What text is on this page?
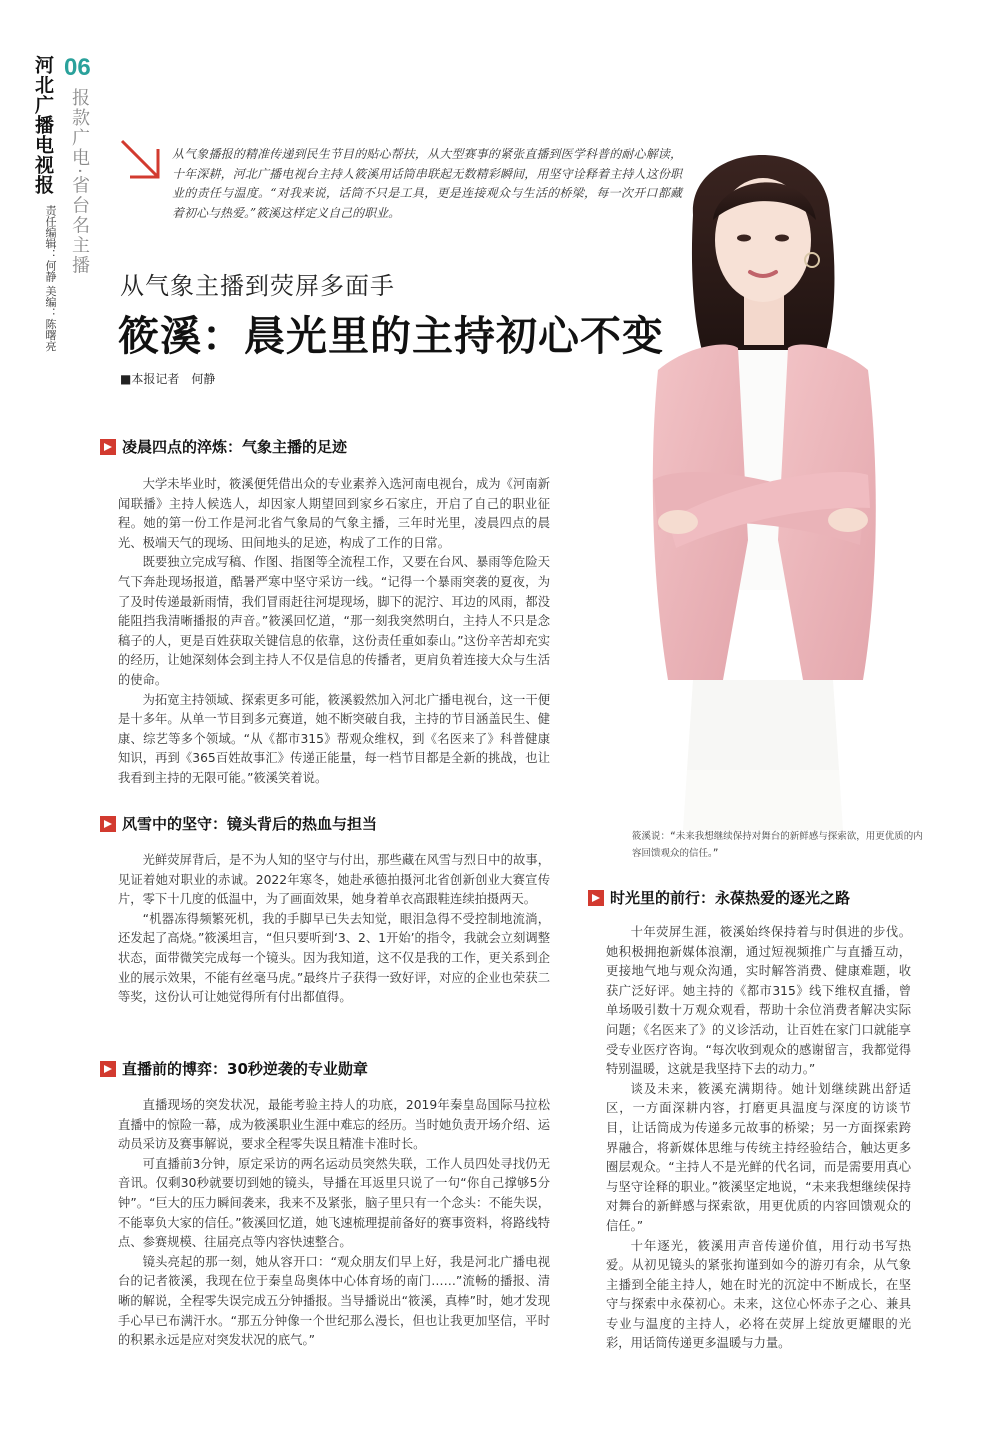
河北广播电视报 06
报款广电·省台名主播
责任编辑：何静 美编：陈曙亮
从气象播报的精准传递到民生节目的贴心帮扶，从大型赛事的紧张直播到医学科普的耐心解读，十年深耕，河北广播电视台主持人筱溪用话筒串联起无数精彩瞬间，用坚守诠释着主持人这份职业的责任与温度。“对我来说，话筒不只是工具，更是连接观众与生活的桥梁，每一次开口都藏着初心与热爱。”筱溪这样定义自己的职业。
从气象主播到荧屏多面手
筱溪：晨光里的主持初心不变
■本报记者　何静
筱溪说：“未来我想继续保持对舞台的新鲜感与探索欲，用更优质的内容回馈观众的信任。”
凌晨四点的淬炼：气象主播的足迹

大学未毕业时，筱溪便凭借出众的专业素养入选河南电视台，成为《河南新闻联播》主持人候选人，却因家人期望回到家乡石家庄，开启了自己的职业征程。她的第一份工作是河北省气象局的气象主播，三年时光里，凌晨四点的晨光、极端天气的现场、田间地头的足迹，构成了工作的日常。

既要独立完成写稿、作图、指图等全流程工作，又要在台风、暴雨等危险天气下奔赴现场报道，酷暑严寒中坚守采访一线。“记得一个暴雨突袭的夏夜，为了及时传递最新雨情，我们冒雨赶往河堤现场，脚下的泥泞、耳边的风雨，都没能阻挡我清晰播报的声音。”筱溪回忆道，“那一刻我突然明白，主持人不只是念稿子的人，更是百姓获取关键信息的依靠，这份责任重如泰山。”这份辛苦却充实的经历，让她深刻体会到主持人不仅是信息的传播者，更肩负着连接大众与生活的使命。

为拓宽主持领域、探索更多可能，筱溪毅然加入河北广播电视台，这一干便是十多年。从单一节目到多元赛道，她不断突破自我，主持的节目涵盖民生、健康、综艺等多个领域。“从《都市315》帮观众维权，到《名医来了》科普健康知识，再到《365百姓故事汇》传递正能量，每一档节目都是全新的挑战，也让我看到主持的无限可能。”筱溪笑着说。

风雪中的坚守：镜头背后的热血与担当

光鲜荧屏背后，是不为人知的坚守与付出，那些藏在风雪与烈日中的故事，见证着她对职业的赤诚。2022年寒冬，她赴承德拍摄河北省创新创业大赛宣传片，零下十几度的低温中，为了画面效果，她身着单衣高跟鞋连续拍摄两天。

“机器冻得频繁死机，我的手脚早已失去知觉，眼泪急得不受控制地流淌，还发起了高烧。”筱溪坦言，“但只要听到‘3、2、1开始’的指令，我就会立刻调整状态，面带微笑完成每一个镜头。因为我知道，这不仅是我的工作，更关系到企业的展示效果，不能有丝毫马虎。”最终片子获得一致好评，对应的企业也荣获二等奖，这份认可让她觉得所有付出都值得。

直播前的博弈：30秒逆袭的专业勋章

直播现场的突发状况，最能考验主持人的功底，2019年秦皇岛国际马拉松直播中的惊险一幕，成为筱溪职业生涯中难忘的经历。当时她负责开场介绍、运动员采访及赛事解说，要求全程零失误且精准卡准时长。

可直播前3分钟，原定采访的两名运动员突然失联，工作人员四处寻找仍无音讯。仅剩30秒就要切到她的镜头，导播在耳返里只说了一句“你自己撑够5分钟”。“巨大的压力瞬间袭来，我来不及紧张，脑子里只有一个念头：不能失误，不能辜负大家的信任。”筱溪回忆道，她飞速梳理提前备好的赛事资料，将路线特点、参赛规模、往届亮点等内容快速整合。

镜头亮起的那一刻，她从容开口：“观众朋友们早上好，我是河北广播电视台的记者筱溪，我现在位于秦皇岛奥体中心体育场的南门……”流畅的播报、清晰的解说，全程零失误完成五分钟播报。当导播说出“筱溪，真棒”时，她才发现手心早已布满汗水。“那五分钟像一个世纪那么漫长，但也让我更加坚信，平时的积累永远是应对突发状况的底气。”

时光里的前行：永葆热爱的逐光之路

十年荧屏生涯，筱溪始终保持着与时俱进的步伐。她积极拥抱新媒体浪潮，通过短视频推广与直播互动，更接地气地与观众沟通，实时解答消费、健康难题，收获广泛好评。她主持的《都市315》线下维权直播，曾单场吸引数十万观众观看，帮助十余位消费者解决实际问题；《名医来了》的义诊活动，让百姓在家门口就能享受专业医疗咨询。“每次收到观众的感谢留言，我都觉得特别温暖，这就是我坚持下去的动力。”

谈及未来，筱溪充满期待。她计划继续跳出舒适区，一方面深耕内容，打磨更具温度与深度的访谈节目，让话筒成为传递多元故事的桥梁；另一方面探索跨界融合，将新媒体思维与传统主持经验结合，触达更多圈层观众。“主持人不是光鲜的代名词，而是需要用真心与坚守诠释的职业。”筱溪坚定地说，“未来我想继续保持对舞台的新鲜感与探索欲，用更优质的内容回馈观众的信任。”

十年逐光，筱溪用声音传递价值，用行动书写热爱。从初见镜头的紧张拘谨到如今的游刃有余，从气象主播到全能主持人，她在时光的沉淀中不断成长，在坚守与探索中永葆初心。未来，这位心怀赤子之心、兼具专业与温度的主持人，必将在荧屏上绽放更耀眼的光彩，用话筒传递更多温暖与力量。
